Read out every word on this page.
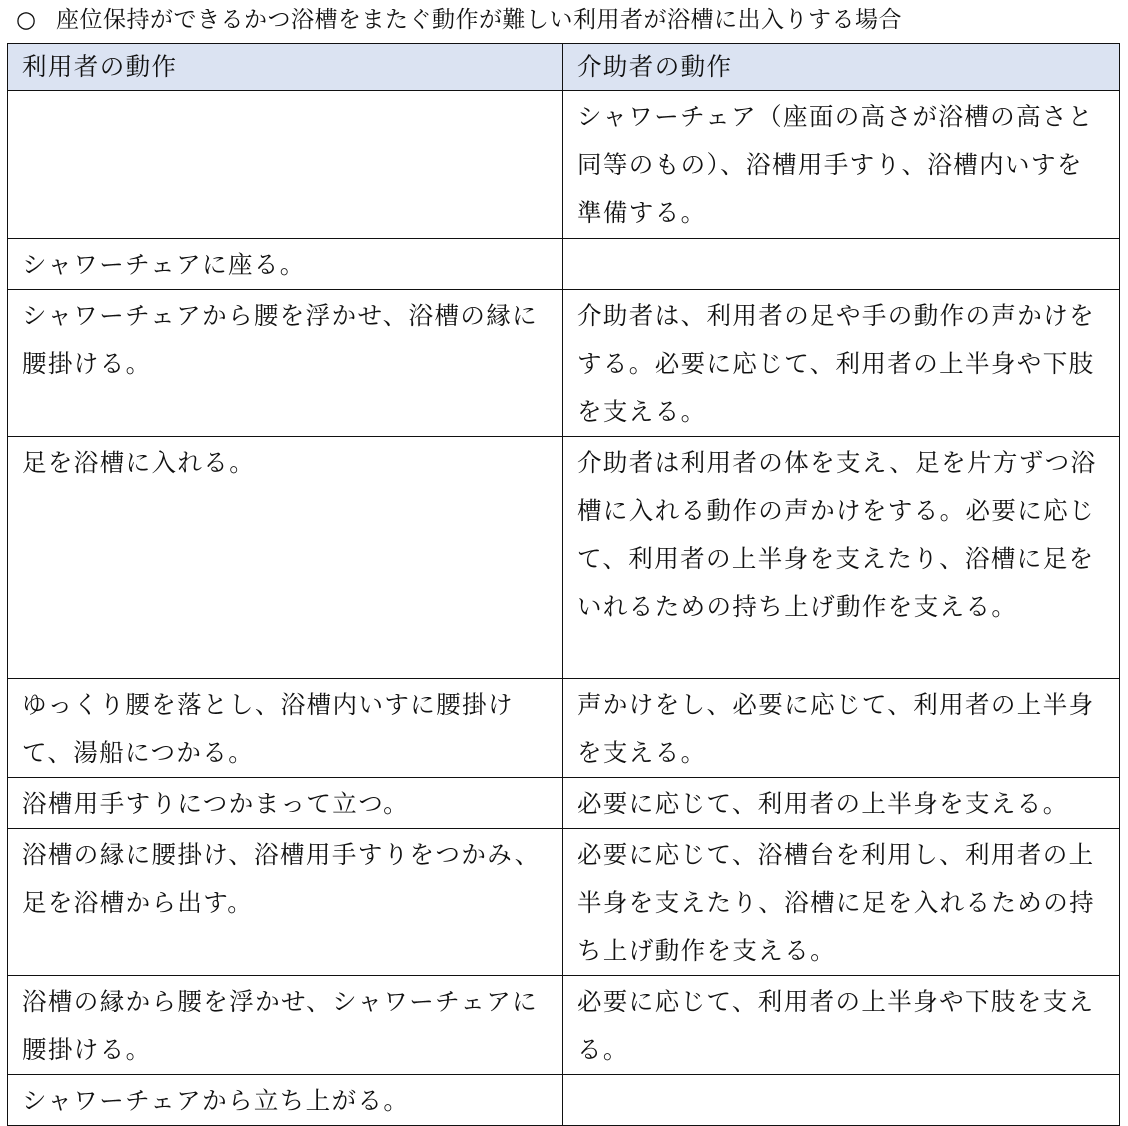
○ 座位保持ができるかつ浴槽をまたぐ動作が難しい利用者が浴槽に出入りする場合
利用者の動作	介助者の動作
	シャワーチェア（座面の高さが浴槽の高さと同等のもの）、浴槽用手すり、浴槽内いすを準備する。
シャワーチェアに座る。	
シャワーチェアから腰を浮かせ、浴槽の縁に腰掛ける。	介助者は、利用者の足や手の動作の声かけをする。必要に応じて、利用者の上半身や下肢を支える。
足を浴槽に入れる。	介助者は利用者の体を支え、足を片方ずつ浴槽に入れる動作の声かけをする。必要に応じて、利用者の上半身を支えたり、浴槽に足をいれるための持ち上げ動作を支える。
ゆっくり腰を落とし、浴槽内いすに腰掛けて、湯船につかる。	声かけをし、必要に応じて、利用者の上半身を支える。
浴槽用手すりにつかまって立つ。	必要に応じて、利用者の上半身を支える。
浴槽の縁に腰掛け、浴槽用手すりをつかみ、足を浴槽から出す。	必要に応じて、浴槽台を利用し、利用者の上半身を支えたり、浴槽に足を入れるための持ち上げ動作を支える。
浴槽の縁から腰を浮かせ、シャワーチェアに腰掛ける。	必要に応じて、利用者の上半身や下肢を支える。
シャワーチェアから立ち上がる。	
